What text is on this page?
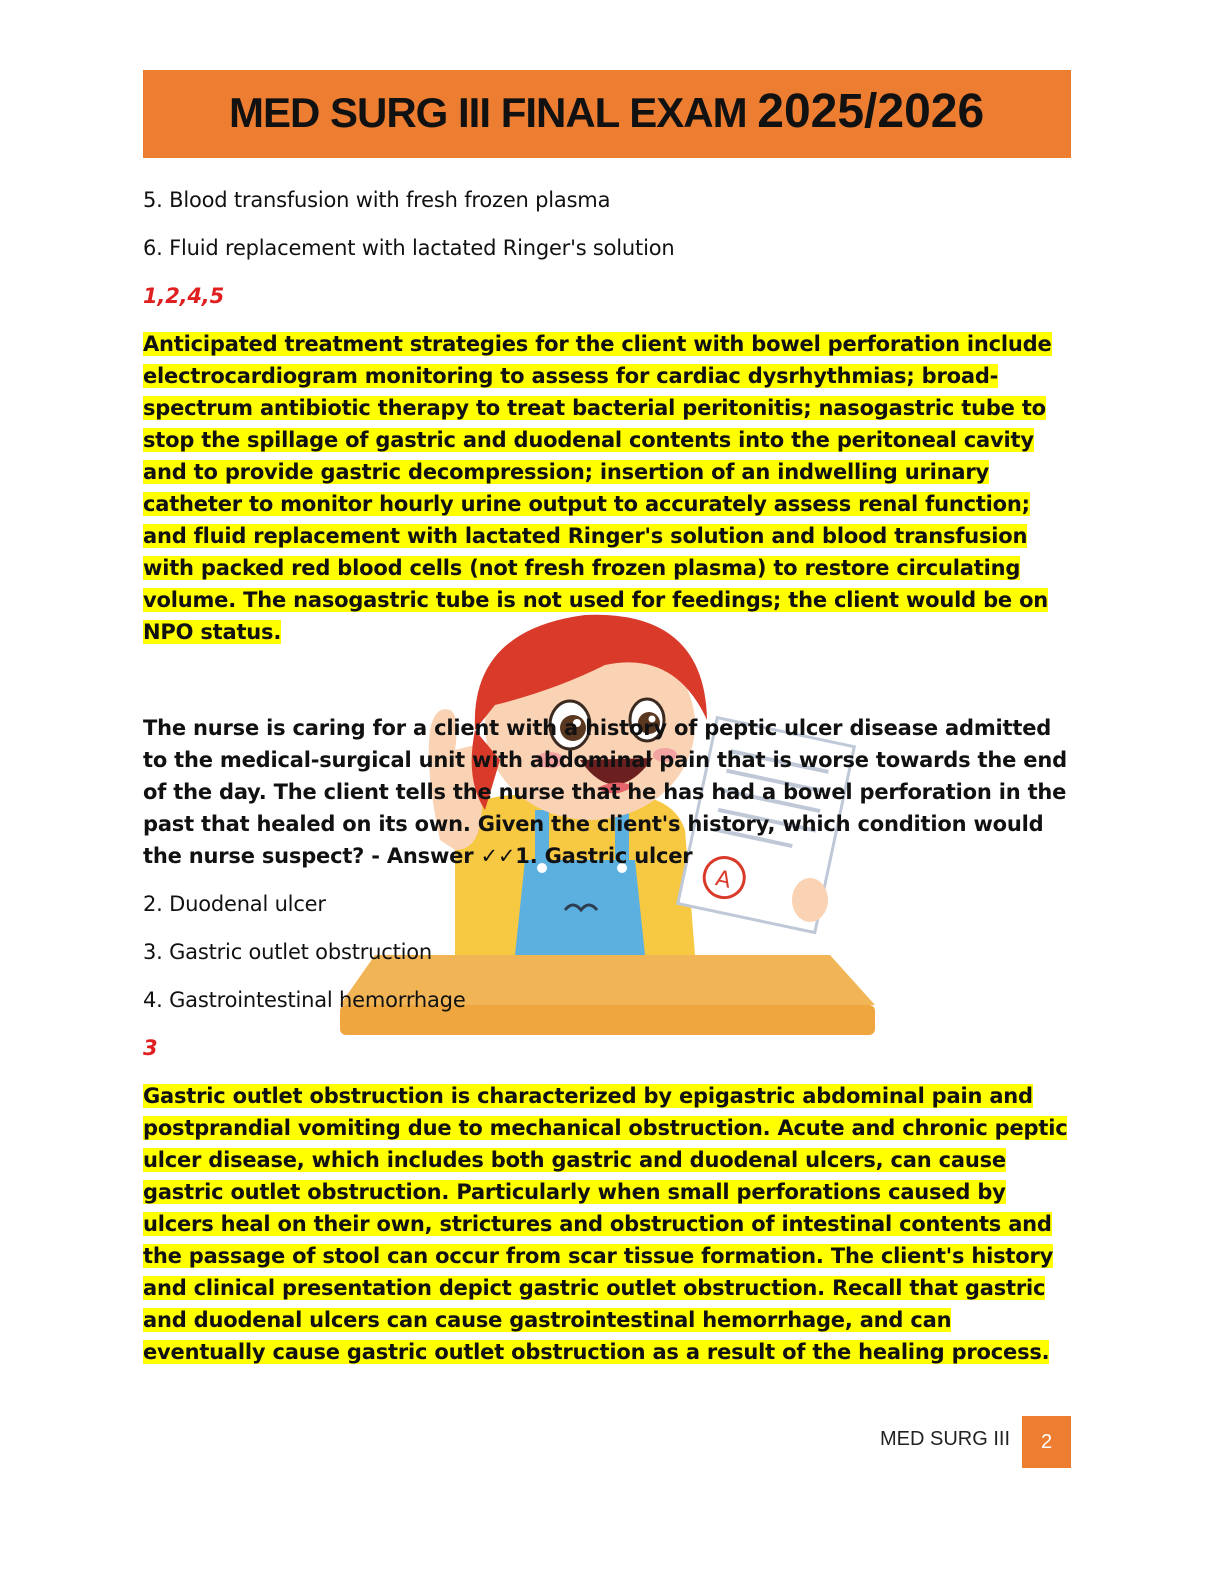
MED SURG III FINAL EXAM 2025/2026
A

5. Blood transfusion with fresh frozen plasma

6. Fluid replacement with lactated Ringer's solution

1,2,4,5

Anticipated treatment strategies for the client with bowel perforation include electrocardiogram monitoring to assess for cardiac dysrhythmias; broad-spectrum antibiotic therapy to treat bacterial peritonitis; nasogastric tube to stop the spillage of gastric and duodenal contents into the peritoneal cavity and to provide gastric decompression; insertion of an indwelling urinary catheter to monitor hourly urine output to accurately assess renal function; and fluid replacement with lactated Ringer's solution and blood transfusion with packed red blood cells (not fresh frozen plasma) to restore circulating volume. The nasogastric tube is not used for feedings; the client would be on NPO status.

The nurse is caring for a client with a history of peptic ulcer disease admitted to the medical-surgical unit with abdominal pain that is worse towards the end of the day. The client tells the nurse that he has had a bowel perforation in the past that healed on its own. Given the client's history, which condition would the nurse suspect? - Answer ✓✓1. Gastric ulcer

2. Duodenal ulcer

3. Gastric outlet obstruction

4. Gastrointestinal hemorrhage

3

Gastric outlet obstruction is characterized by epigastric abdominal pain and postprandial vomiting due to mechanical obstruction. Acute and chronic peptic ulcer disease, which includes both gastric and duodenal ulcers, can cause gastric outlet obstruction. Particularly when small perforations caused by ulcers heal on their own, strictures and obstruction of intestinal contents and the passage of stool can occur from scar tissue formation. The client's history and clinical presentation depict gastric outlet obstruction. Recall that gastric and duodenal ulcers can cause gastrointestinal hemorrhage, and can eventually cause gastric outlet obstruction as a result of the healing process.

MED SURG III	2
